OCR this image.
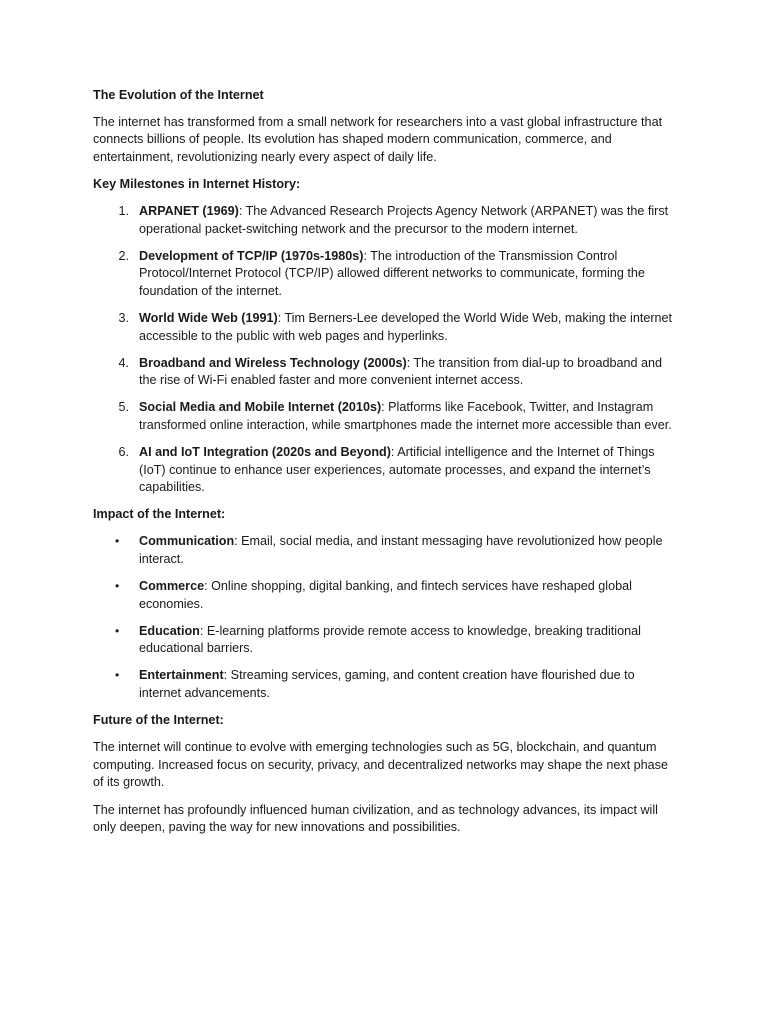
The Evolution of the Internet

The internet has transformed from a small network for researchers into a vast global infrastructure that connects billions of people. Its evolution has shaped modern communication, commerce, and entertainment, revolutionizing nearly every aspect of daily life.

Key Milestones in Internet History:
1. ARPANET (1969): The Advanced Research Projects Agency Network (ARPANET) was the first operational packet-switching network and the precursor to the modern internet.
2. Development of TCP/IP (1970s-1980s): The introduction of the Transmission Control Protocol/Internet Protocol (TCP/IP) allowed different networks to communicate, forming the foundation of the internet.
3. World Wide Web (1991): Tim Berners-Lee developed the World Wide Web, making the internet accessible to the public with web pages and hyperlinks.
4. Broadband and Wireless Technology (2000s): The transition from dial-up to broadband and the rise of Wi-Fi enabled faster and more convenient internet access.
5. Social Media and Mobile Internet (2010s): Platforms like Facebook, Twitter, and Instagram transformed online interaction, while smartphones made the internet more accessible than ever.
6. AI and IoT Integration (2020s and Beyond): Artificial intelligence and the Internet of Things (IoT) continue to enhance user experiences, automate processes, and expand the internet’s capabilities.
Impact of the Internet:
• Communication: Email, social media, and instant messaging have revolutionized how people interact.
• Commerce: Online shopping, digital banking, and fintech services have reshaped global economies.
• Education: E-learning platforms provide remote access to knowledge, breaking traditional educational barriers.
• Entertainment: Streaming services, gaming, and content creation have flourished due to internet advancements.
Future of the Internet:

The internet will continue to evolve with emerging technologies such as 5G, blockchain, and quantum computing. Increased focus on security, privacy, and decentralized networks may shape the next phase of its growth.

The internet has profoundly influenced human civilization, and as technology advances, its impact will only deepen, paving the way for new innovations and possibilities.
